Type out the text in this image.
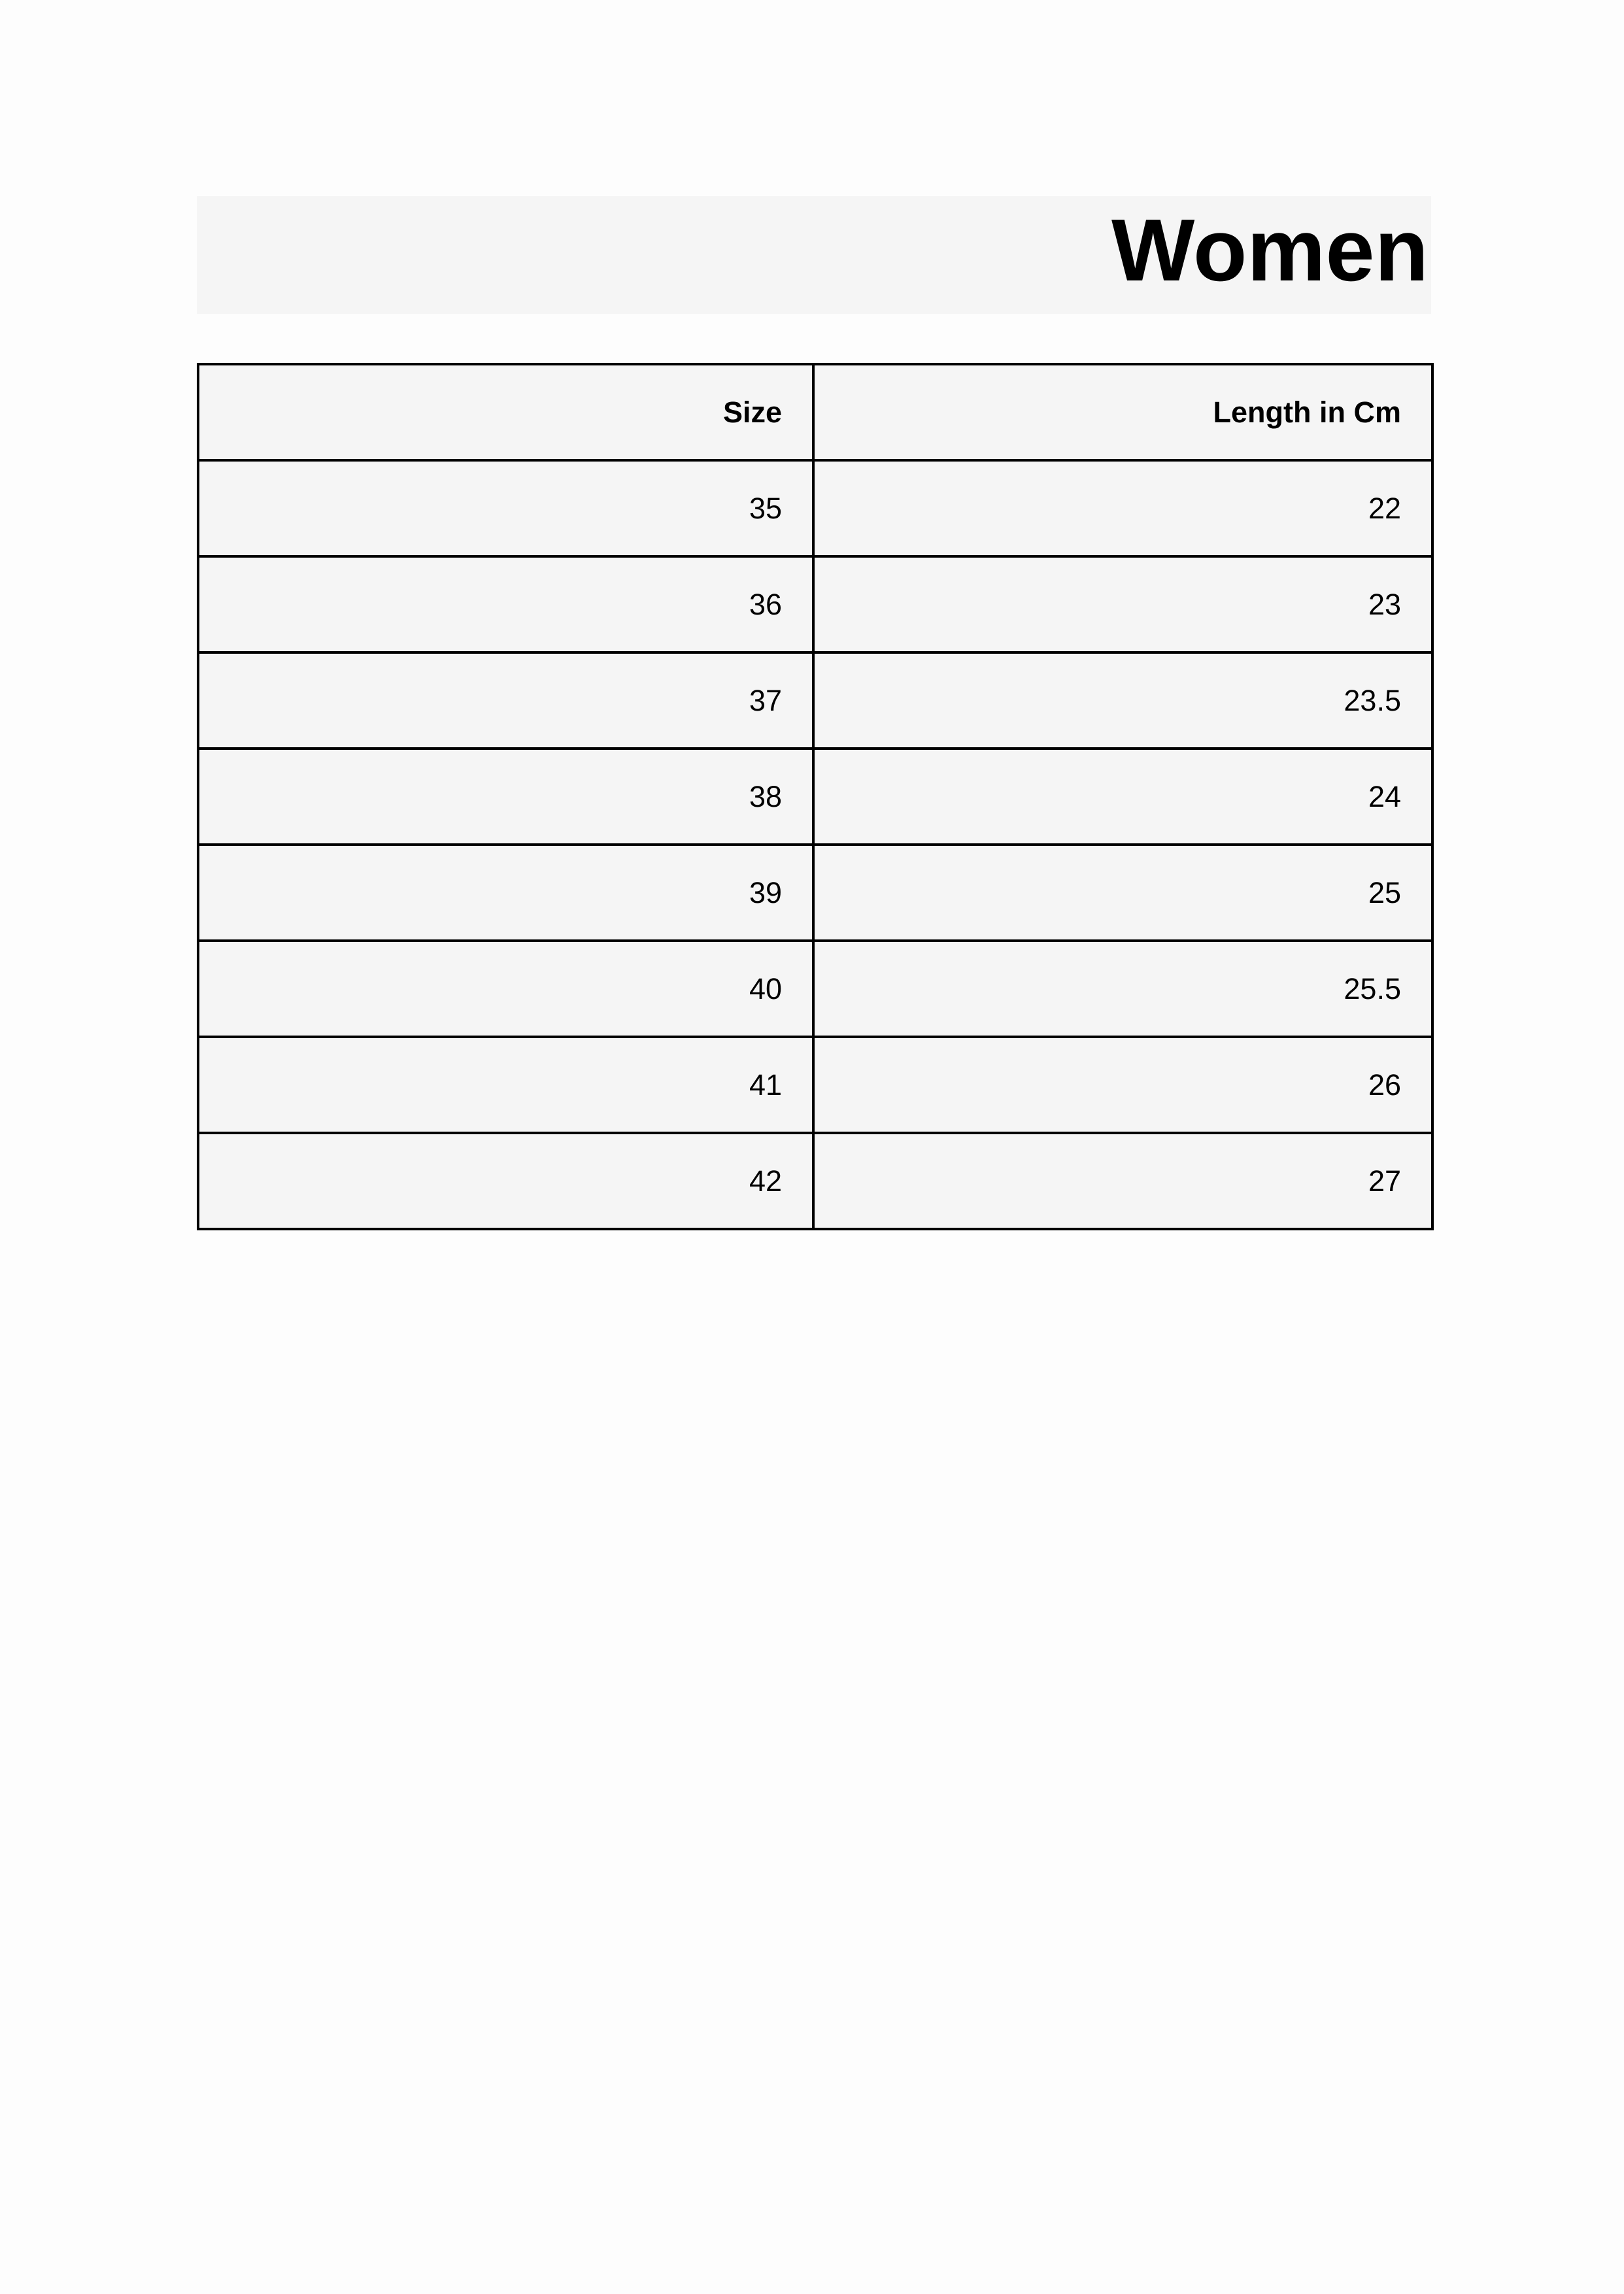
Women
Size	Length in Cm
35	22
36	23
37	23.5
38	24
39	25
40	25.5
41	26
42	27
